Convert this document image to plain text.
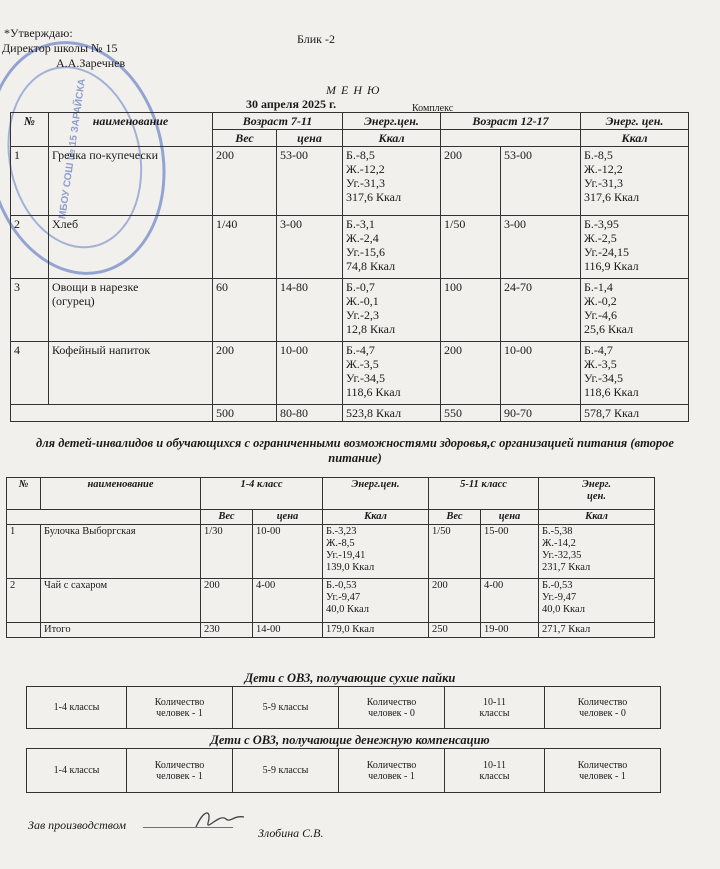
МБОУ СОШ № 15 ЗАРАЙСКА
*Утверждаю:
Директор школы № 15
А.А.Заречнев
Блик -2
М Е Н Ю
30 апреля 2025 г.	Комплекс
№	наименование	Возраст 7-11		Энерг.цен.	Возраст 12-17		Энерг. цен.
		Вес	цена	Ккал			Ккал
1	Гречка по-купечески	200	53-00	Б.-8,5
Ж.-12,2
Уг.-31,3
317,6 Ккал	200	53-00	Б.-8,5
Ж.-12,2
Уг.-31,3
317,6 Ккал
2	Хлеб	1/40	3-00	Б.-3,1
Ж.-2,4
Уг.-15,6
74,8 Ккал	1/50	3-00	Б.-3,95
Ж.-2,5
Уг.-24,15
116,9 Ккал
3	Овощи в нарезке
(огурец)	60	14-80	Б.-0,7
Ж.-0,1
Уг.-2,3
12,8 Ккал	100	24-70	Б.-1,4
Ж.-0,2
Уг.-4,6
25,6 Ккал
4	Кофейный напиток	200	10-00	Б.-4,7
Ж.-3,5
Уг.-34,5
118,6 Ккал	200	10-00	Б.-4,7
Ж.-3,5
Уг.-34,5
118,6 Ккал
		500	80-80	523,8 Ккал	550	90-70	578,7 Ккал
для детей-инвалидов и обучающихся с ограниченными возможностями здоровья,с организацией питания (второе питание)
№	наименование	1-4 класс		Энерг.цен.	5-11 класс		Энерг.
цен.
		Вес	цена	Ккал	Вес	цена	Ккал
1	Булочка Выборгская	1/30	10-00	Б.-3,23
Ж.-8,5
Уг.-19,41
139,0 Ккал	1/50	15-00	Б.-5,38
Ж.-14,2
Уг.-32,35
231,7 Ккал
2	Чай с сахаром	200	4-00	Б.-0,53
Уг.-9,47
40,0 Ккал	200	4-00	Б.-0,53
Уг.-9,47
40,0 Ккал
	Итого	230	14-00	179,0 Ккал	250	19-00	271,7 Ккал
Дети с ОВЗ, получающие сухие пайки
1-4 классы	Количество
человек - 1	5-9 классы	Количество
человек - 0	10-11
классы	Количество
человек - 0
Дети с ОВЗ, получающие денежную компенсацию
1-4 классы	Количество
человек - 1	5-9 классы	Количество
человек - 1	10-11
классы	Количество
человек - 1
Зав производством _______________
Злобина С.В.
